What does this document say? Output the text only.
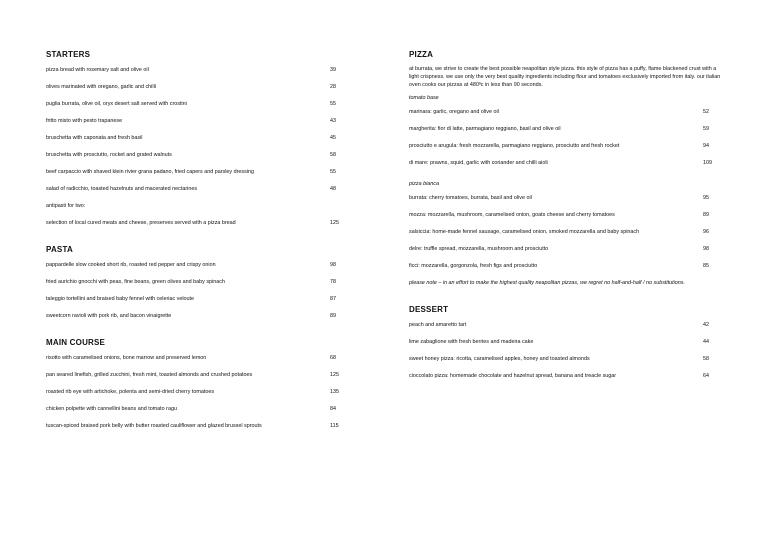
STARTERS
pizza bread with rosemary salt and olive oil	39
olives marinated with oregano, garlic and chilli	28
puglia burrata, olive oil, oryx desert salt served with crostini	55
fritto misto with pesto trapanese	43
bruschetta with caponata and fresh basil	45
bruschetta with prosciutto, rocket and grated walnuts	58
beef carpaccio with shaved klein rivier grana padano, fried capers and parsley dressing	55
salad of radicchio, toasted hazelnuts and macerated nectarines	48
antipasti for two:
selection of local cured meats and cheese, preserves served with a pizza bread	125
PASTA
pappardelle slow cooked short rib, roasted red pepper and crispy onion	98
fried aurichio gnocchi with peas, fine beans, green olives and baby spinach	78
taleggio tortellini and braised baby fennel with celeriac veloute	87
sweetcorn ravioli with pork rib, and bacon vinaigrette	89
MAIN COURSE
risotto with caramelised onions, bone marrow and preserved lemon	68
pan seared linefish, grilled zucchini, fresh mint, toasted almonds and crushed potatoes	125
roasted rib eye with artichoke, polenta and semi-dried cherry tomatoes	135
chicken polpette with cannellini beans and tomato ragu	84
tuscan-spiced braised pork belly with butter roasted cauliflower and glazed brussel sprouts	115
PIZZA
at burrata, we strive to create the best possible neapolitan style pizza. this style of pizza has a puffy, flame blackened crust with a light crispness. we use only the very best quality ingredients including flour and tomatoes exclusively imported from italy. our italian oven cooks our pizzas at 480ºc in less than 90 seconds.
tomato base
marinara: garlic, oregano and olive oil	52
margherita: fior di latte, parmagiano reggiano, basil and olive oil	59
prosciutto e arugula: fresh mozzarella, parmagiano reggiano, prosciutto and fresh rocket	94
di mare: prawns, squid, garlic with coriander and chilli aioli	109
pizza bianca
burrata: cherry tomatoes, burrata, basil and olive oil	95
mozza: mozzarella, mushroom, caramelised onion, goats cheese and cherry tomatoes	89
salsiccia: home-made fennel sausage, caramelised onion, smoked mozzarella and baby spinach	96
delre: truffle spread, mozzarella, mushroom and prosciutto	98
ficci: mozzarella, gorgonzola, fresh figs and prosciutto	85
please note – in an effort to make the highest quality neapolitan pizzas, we regret no half-and-half / no substitutions.
DESSERT
peach and amaretto tart	42
lime zabaglione with fresh berries and madeira cake	44
sweet honey pizza: ricotta, caramelised apples, honey and toasted almonds	58
cioccolato pizza: homemade chocolate and hazelnut spread, banana and treacle sugar	64
